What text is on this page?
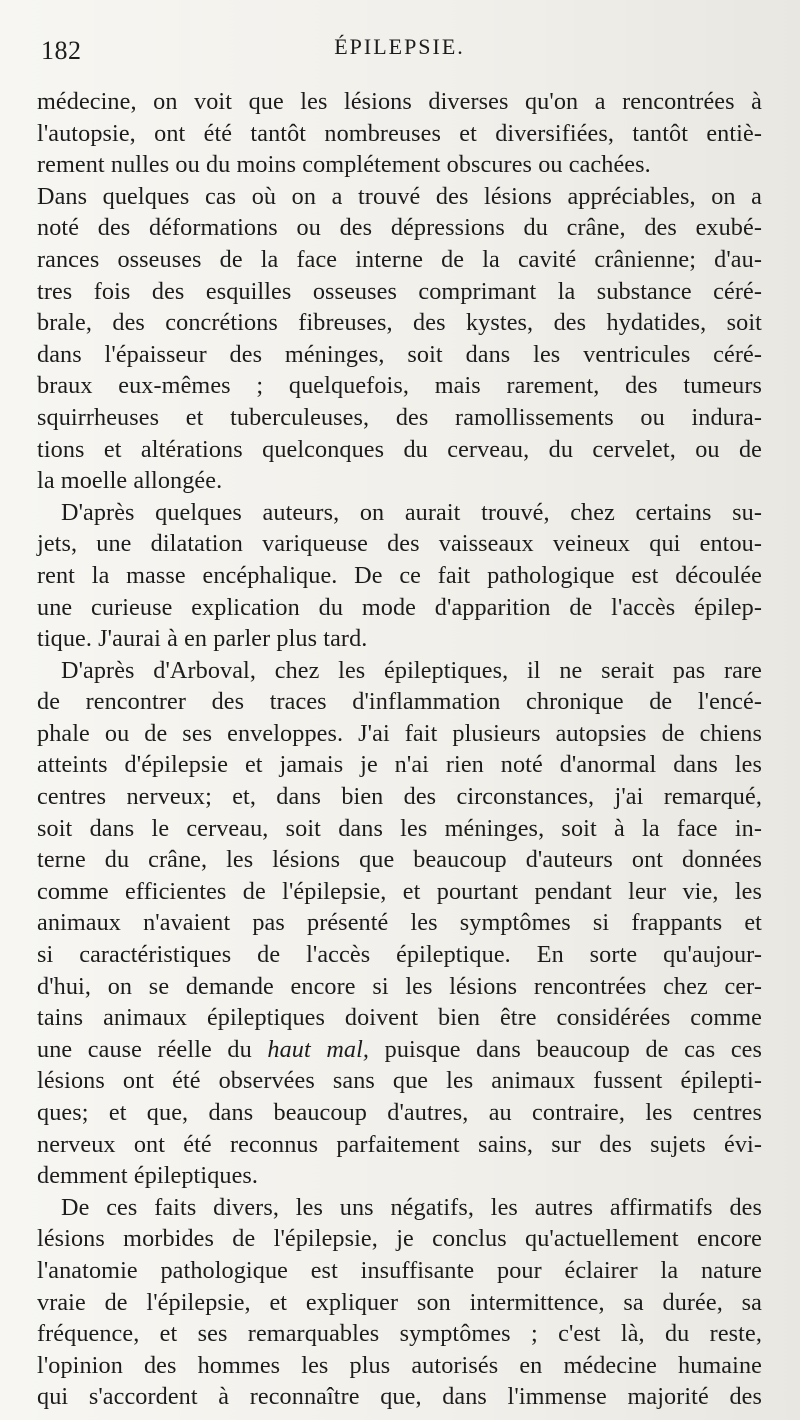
182	ÉPILEPSIE.
médecine, on voit que les lésions diverses qu'on a rencontrées à
l'autopsie, ont été tantôt nombreuses et diversifiées, tantôt entiè-
rement nulles ou du moins complétement obscures ou cachées.
Dans quelques cas où on a trouvé des lésions appréciables, on a
noté des déformations ou des dépressions du crâne, des exubé-
rances osseuses de la face interne de la cavité crânienne; d'au-
tres fois des esquilles osseuses comprimant la substance céré-
brale, des concrétions fibreuses, des kystes, des hydatides, soit
dans l'épaisseur des méninges, soit dans les ventricules céré-
braux eux-mêmes ; quelquefois, mais rarement, des tumeurs
squirrheuses et tuberculeuses, des ramollissements ou indura-
tions et altérations quelconques du cerveau, du cervelet, ou de
la moelle allongée.
D'après quelques auteurs, on aurait trouvé, chez certains su-
jets, une dilatation variqueuse des vaisseaux veineux qui entou-
rent la masse encéphalique. De ce fait pathologique est découlée
une curieuse explication du mode d'apparition de l'accès épilep-
tique. J'aurai à en parler plus tard.
D'après d'Arboval, chez les épileptiques, il ne serait pas rare
de rencontrer des traces d'inflammation chronique de l'encé-
phale ou de ses enveloppes. J'ai fait plusieurs autopsies de chiens
atteints d'épilepsie et jamais je n'ai rien noté d'anormal dans les
centres nerveux; et, dans bien des circonstances, j'ai remarqué,
soit dans le cerveau, soit dans les méninges, soit à la face in-
terne du crâne, les lésions que beaucoup d'auteurs ont données
comme efficientes de l'épilepsie, et pourtant pendant leur vie, les
animaux n'avaient pas présenté les symptômes si frappants et
si caractéristiques de l'accès épileptique. En sorte qu'aujour-
d'hui, on se demande encore si les lésions rencontrées chez cer-
tains animaux épileptiques doivent bien être considérées comme
une cause réelle du haut mal, puisque dans beaucoup de cas ces
lésions ont été observées sans que les animaux fussent épilepti-
ques; et que, dans beaucoup d'autres, au contraire, les centres
nerveux ont été reconnus parfaitement sains, sur des sujets évi-
demment épileptiques.
De ces faits divers, les uns négatifs, les autres affirmatifs des
lésions morbides de l'épilepsie, je conclus qu'actuellement encore
l'anatomie pathologique est insuffisante pour éclairer la nature
vraie de l'épilepsie, et expliquer son intermittence, sa durée, sa
fréquence, et ses remarquables symptômes ; c'est là, du reste,
l'opinion des hommes les plus autorisés en médecine humaine
qui s'accordent à reconnaître que, dans l'immense majorité des
